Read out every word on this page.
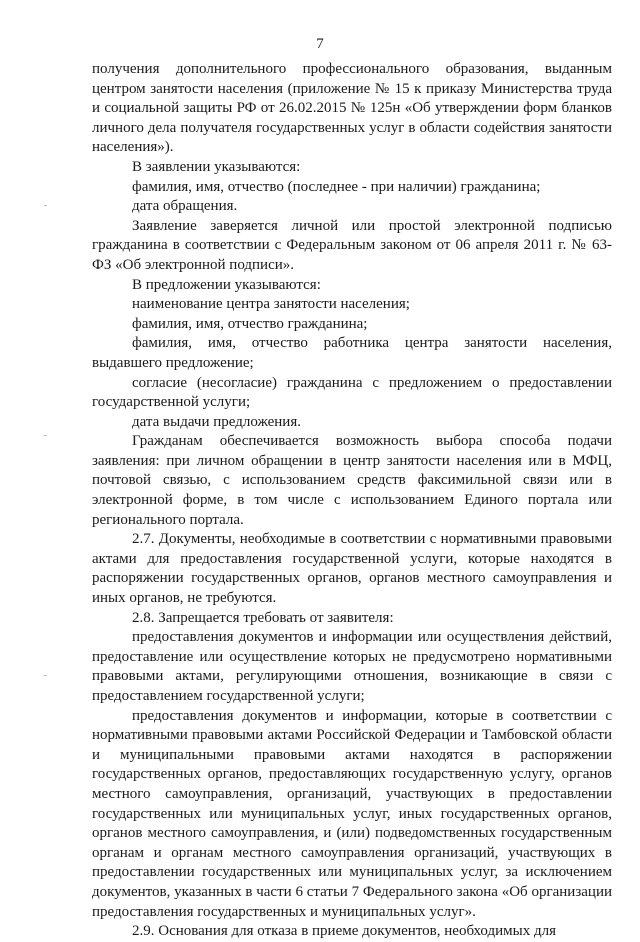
7

получения дополнительного профессионального образования, выданным центром занятости населения (приложение № 15 к приказу Министерства труда и социальной защиты РФ от 26.02.2015 № 125н «Об утверждении форм бланков личного дела получателя государственных услуг в области содействия занятости населения»).

В заявлении указываются:

фамилия, имя, отчество (последнее - при наличии) гражданина;

дата обращения.

Заявление заверяется личной или простой электронной подписью гражданина в соответствии с Федеральным законом от 06 апреля 2011 г. № 63-ФЗ «Об электронной подписи».

В предложении указываются:

наименование центра занятости населения;

фамилия, имя, отчество гражданина;

фамилия, имя, отчество работника центра занятости населения, выдавшего предложение;

согласие (несогласие) гражданина с предложением о предоставлении государственной услуги;

дата выдачи предложения.

Гражданам обеспечивается возможность выбора способа подачи заявления: при личном обращении в центр занятости населения или в МФЦ, почтовой связью, с использованием средств факсимильной связи или в электронной форме, в том числе с использованием Единого портала или регионального портала.

2.7. Документы, необходимые в соответствии с нормативными правовыми актами для предоставления государственной услуги, которые находятся в распоряжении государственных органов, органов местного самоуправления и иных органов, не требуются.

2.8. Запрещается требовать от заявителя:

предоставления документов и информации или осуществления действий, предоставление или осуществление которых не предусмотрено нормативными правовыми актами, регулирующими отношения, возникающие в связи с предоставлением государственной услуги;

предоставления документов и информации, которые в соответствии с нормативными правовыми актами Российской Федерации и Тамбовской области и муниципальными правовыми актами находятся в распоряжении государственных органов, предоставляющих государственную услугу, органов местного самоуправления, организаций, участвующих в предоставлении государственных или муниципальных услуг, иных государственных органов, органов местного самоуправления, и (или) подведомственных государственным органам и органам местного самоуправления организаций, участвующих в предоставлении государственных или муниципальных услуг, за исключением документов, указанных в части 6 статьи 7 Федерального закона «Об организации предоставления государственных и муниципальных услуг».

2.9. Основания для отказа в приеме документов, необходимых для
